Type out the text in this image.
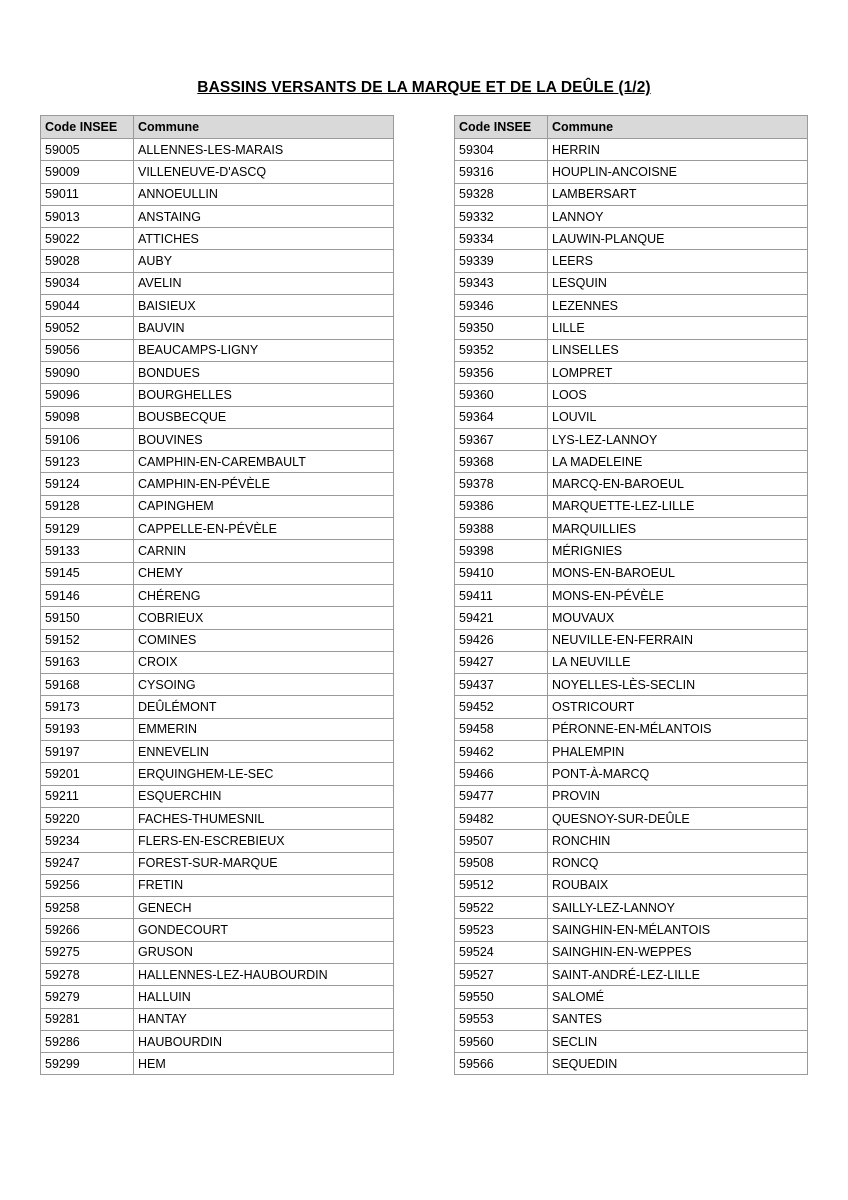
BASSINS VERSANTS DE LA MARQUE ET DE LA DEÛLE (1/2)
Code INSEE	Commune
59005	ALLENNES-LES-MARAIS
59009	VILLENEUVE-D'ASCQ
59011	ANNOEULLIN
59013	ANSTAING
59022	ATTICHES
59028	AUBY
59034	AVELIN
59044	BAISIEUX
59052	BAUVIN
59056	BEAUCAMPS-LIGNY
59090	BONDUES
59096	BOURGHELLES
59098	BOUSBECQUE
59106	BOUVINES
59123	CAMPHIN-EN-CAREMBAULT
59124	CAMPHIN-EN-PÉVÈLE
59128	CAPINGHEM
59129	CAPPELLE-EN-PÉVÈLE
59133	CARNIN
59145	CHEMY
59146	CHÉRENG
59150	COBRIEUX
59152	COMINES
59163	CROIX
59168	CYSOING
59173	DEÛLÉMONT
59193	EMMERIN
59197	ENNEVELIN
59201	ERQUINGHEM-LE-SEC
59211	ESQUERCHIN
59220	FACHES-THUMESNIL
59234	FLERS-EN-ESCREBIEUX
59247	FOREST-SUR-MARQUE
59256	FRETIN
59258	GENECH
59266	GONDECOURT
59275	GRUSON
59278	HALLENNES-LEZ-HAUBOURDIN
59279	HALLUIN
59281	HANTAY
59286	HAUBOURDIN
59299	HEM
Code INSEE	Commune
59304	HERRIN
59316	HOUPLIN-ANCOISNE
59328	LAMBERSART
59332	LANNOY
59334	LAUWIN-PLANQUE
59339	LEERS
59343	LESQUIN
59346	LEZENNES
59350	LILLE
59352	LINSELLES
59356	LOMPRET
59360	LOOS
59364	LOUVIL
59367	LYS-LEZ-LANNOY
59368	LA MADELEINE
59378	MARCQ-EN-BAROEUL
59386	MARQUETTE-LEZ-LILLE
59388	MARQUILLIES
59398	MÉRIGNIES
59410	MONS-EN-BAROEUL
59411	MONS-EN-PÉVÈLE
59421	MOUVAUX
59426	NEUVILLE-EN-FERRAIN
59427	LA NEUVILLE
59437	NOYELLES-LÈS-SECLIN
59452	OSTRICOURT
59458	PÉRONNE-EN-MÉLANTOIS
59462	PHALEMPIN
59466	PONT-À-MARCQ
59477	PROVIN
59482	QUESNOY-SUR-DEÛLE
59507	RONCHIN
59508	RONCQ
59512	ROUBAIX
59522	SAILLY-LEZ-LANNOY
59523	SAINGHIN-EN-MÉLANTOIS
59524	SAINGHIN-EN-WEPPES
59527	SAINT-ANDRÉ-LEZ-LILLE
59550	SALOMÉ
59553	SANTES
59560	SECLIN
59566	SEQUEDIN
